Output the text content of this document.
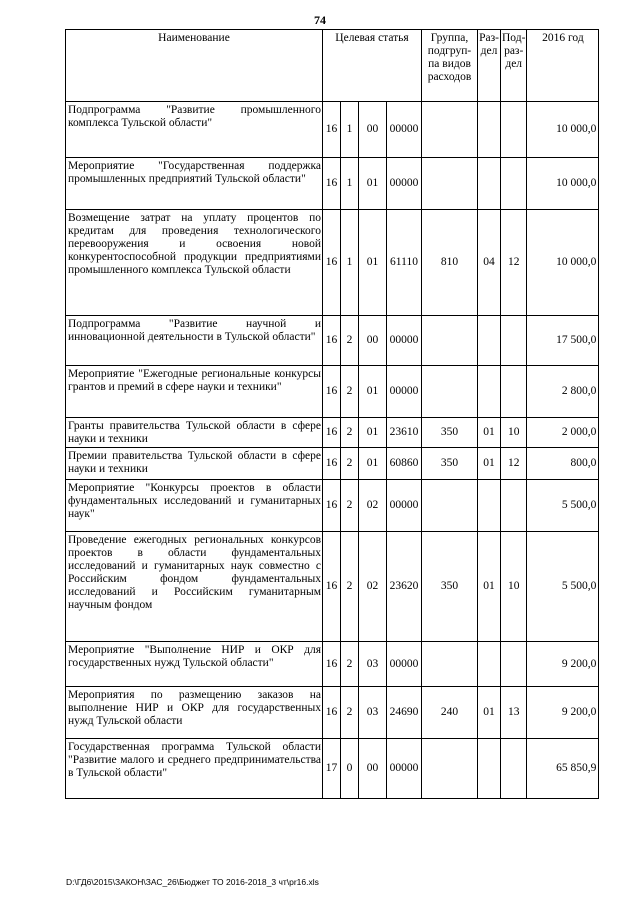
74
Наименование	Целевая статья				Группа, подгруп-па видов расходов	Раз-дел	Под-раз-дел	2016 год
Подпрограмма "Развитие промышленного комплекса Тульской области"	16	1	00	00000				10 000,0
Мероприятие "Государственная поддержка промышленных предприятий Тульской области"	16	1	01	00000				10 000,0
Возмещение затрат на уплату процентов по кредитам для проведения технологического перевооружения и освоения новой конкурентоспособной продукции предприятиями промышленного комплекса Тульской области	16	1	01	61110	810	04	12	10 000,0
Подпрограмма "Развитие научной и инновационной деятельности в Тульской области"	16	2	00	00000				17 500,0
Мероприятие "Ежегодные региональные конкурсы грантов и премий в сфере науки и техники"	16	2	01	00000				2 800,0
Гранты правительства Тульской области в сфере науки и техники	16	2	01	23610	350	01	10	2 000,0
Премии правительства Тульской области в сфере науки и техники	16	2	01	60860	350	01	12	800,0
Мероприятие "Конкурсы проектов в области фундаментальных исследований и гуманитарных наук"	16	2	02	00000				5 500,0
Проведение ежегодных региональных конкурсов проектов в области фундаментальных исследований и гуманитарных наук совместно с Российским фондом фундаментальных исследований и Российским гуманитарным научным фондом	16	2	02	23620	350	01	10	5 500,0
Мероприятие "Выполнение НИР и ОКР для государственных нужд Тульской области"	16	2	03	00000				9 200,0
Мероприятия по размещению заказов на выполнение НИР и ОКР для государственных нужд Тульской области	16	2	03	24690	240	01	13	9 200,0
Государственная программа Тульской области "Развитие малого и среднего предпринимательства в Тульской области"	17	0	00	00000				65 850,9
D:\ГД6\2015\ЗАКОН\ЗАС_26\Бюджет ТО 2016-2018_3 чт\pr16.xls
